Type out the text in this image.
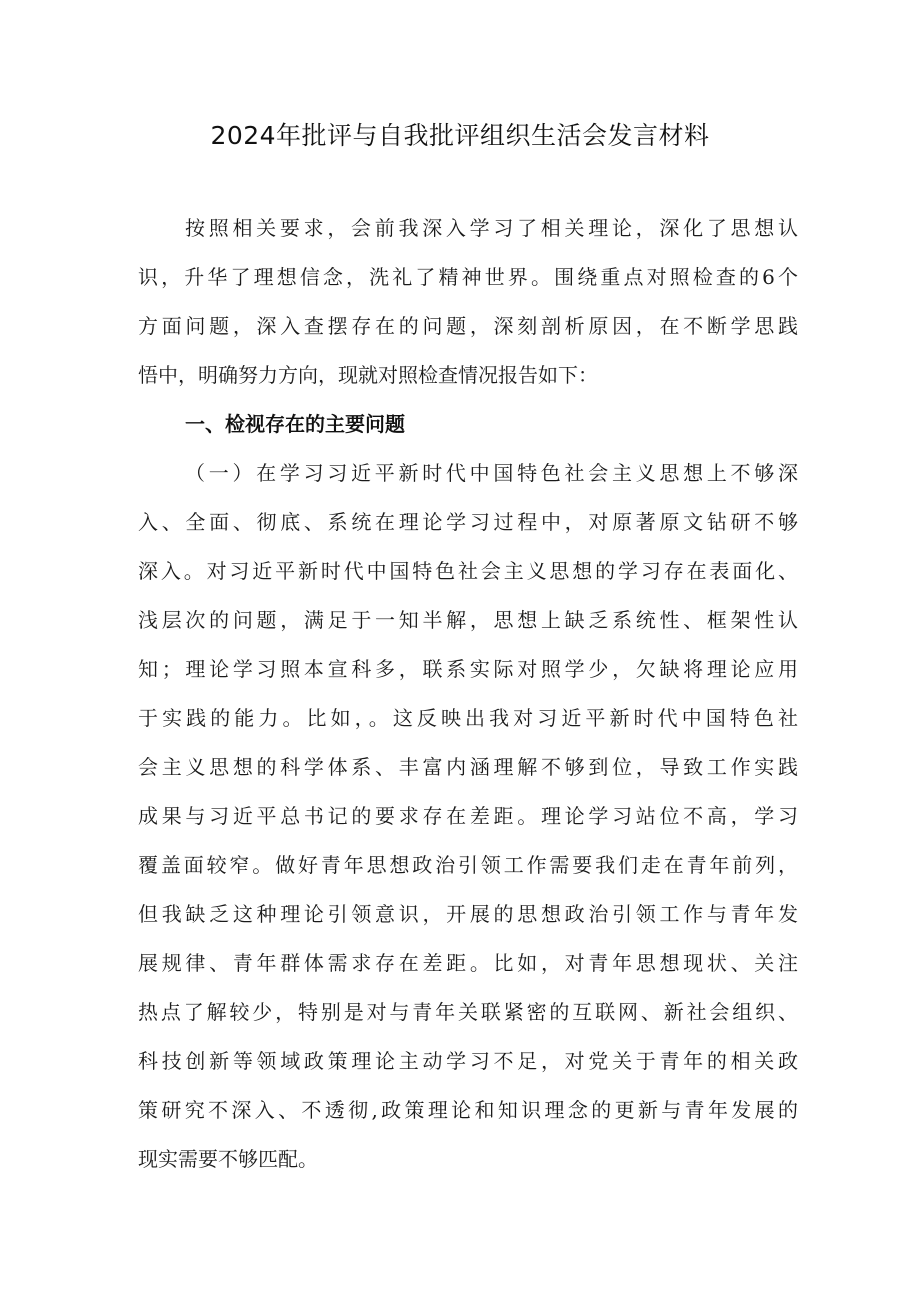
2024年批评与自我批评组织生活会发言材料
按照相关要求，会前我深入学习了相关理论，深化了思想认
识，升华了理想信念，洗礼了精神世界。围绕重点对照检查的6个
方面问题，深入查摆存在的问题，深刻剖析原因，在不断学思践
悟中，明确努力方向，现就对照检查情况报告如下：
一、检视存在的主要问题
（一）在学习习近平新时代中国特色社会主义思想上不够深
入、全面、彻底、系统在理论学习过程中，对原著原文钻研不够
深入。对习近平新时代中国特色社会主义思想的学习存在表面化、
浅层次的问题，满足于一知半解，思想上缺乏系统性、框架性认
知；理论学习照本宣科多，联系实际对照学少，欠缺将理论应用
于实践的能力。比如，。这反映出我对习近平新时代中国特色社
会主义思想的科学体系、丰富内涵理解不够到位，导致工作实践
成果与习近平总书记的要求存在差距。理论学习站位不高，学习
覆盖面较窄。做好青年思想政治引领工作需要我们走在青年前列，
但我缺乏这种理论引领意识，开展的思想政治引领工作与青年发
展规律、青年群体需求存在差距。比如，对青年思想现状、关注
热点了解较少，特别是对与青年关联紧密的互联网、新社会组织、
科技创新等领域政策理论主动学习不足，对党关于青年的相关政
策研究不深入、不透彻,政策理论和知识理念的更新与青年发展的
现实需要不够匹配。
